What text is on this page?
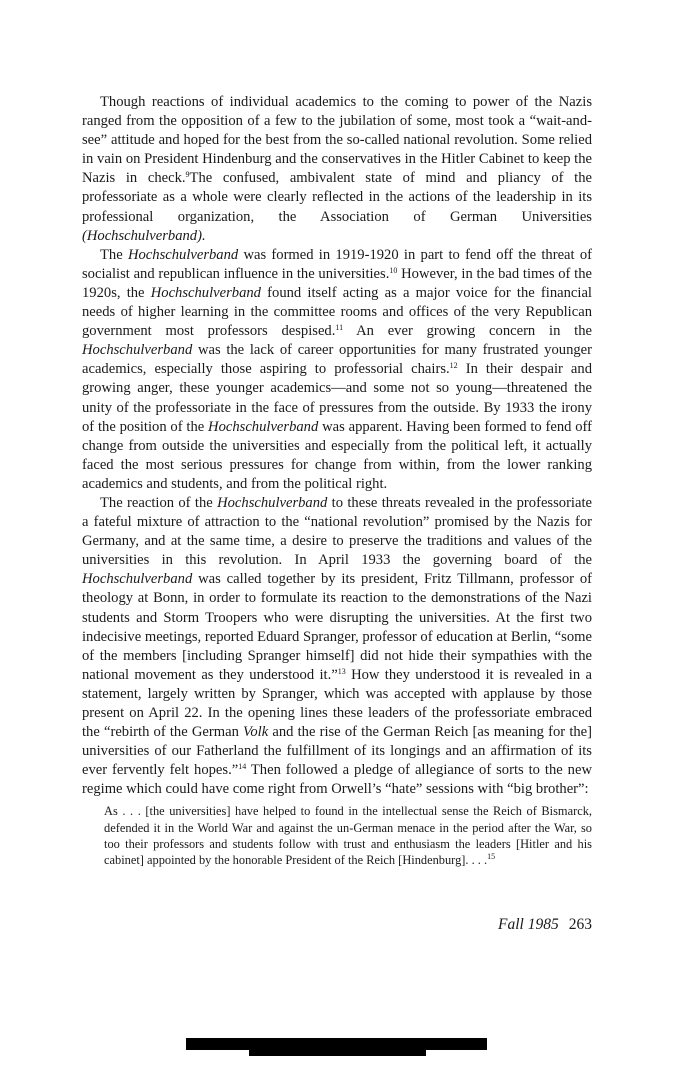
Though reactions of individual academics to the coming to power of the Nazis ranged from the opposition of a few to the jubilation of some, most took a “wait-and-see” attitude and hoped for the best from the so-called national revolution. Some relied in vain on President Hindenburg and the conservatives in the Hitler Cabinet to keep the Nazis in check.$^9$The confused, ambivalent state of mind and pliancy of the professoriate as a whole were clearly reflected in the actions of the leadership in its professional organization, the Association of German Universities (Hochschulverband).

The Hochschulverband was formed in 1919-1920 in part to fend off the threat of socialist and republican influence in the universities.$^{10}$ However, in the bad times of the 1920s, the Hochschulverband found itself acting as a major voice for the financial needs of higher learning in the committee rooms and offices of the very Republican government most professors despised.$^{11}$ An ever growing concern in the Hochschulverband was the lack of career opportunities for many frustrated younger academics, especially those aspiring to professorial chairs.$^{12}$ In their despair and growing anger, these younger academics—and some not so young—threatened the unity of the professoriate in the face of pressures from the outside. By 1933 the irony of the position of the Hochschulverband was apparent. Having been formed to fend off change from outside the universities and especially from the political left, it actually faced the most serious pressures for change from within, from the lower ranking academics and students, and from the political right.

The reaction of the Hochschulverband to these threats revealed in the professoriate a fateful mixture of attraction to the “national revolution” promised by the Nazis for Germany, and at the same time, a desire to preserve the traditions and values of the universities in this revolution. In April 1933 the governing board of the Hochschulverband was called together by its president, Fritz Tillmann, professor of theology at Bonn, in order to formulate its reaction to the demonstrations of the Nazi students and Storm Troopers who were disrupting the universities. At the first two indecisive meetings, reported Eduard Spranger, professor of education at Berlin, “some of the members [including Spranger himself] did not hide their sympathies with the national movement as they understood it.”$^{13}$ How they understood it is revealed in a statement, largely written by Spranger, which was accepted with applause by those present on April 22. In the opening lines these leaders of the professoriate embraced the “rebirth of the German Volk and the rise of the German Reich [as meaning for the] universities of our Fatherland the fulfillment of its longings and an affirmation of its ever fervently felt hopes.”$^{14}$ Then followed a pledge of allegiance of sorts to the new regime which could have come right from Orwell’s “hate” sessions with “big brother”:

As . . . [the universities] have helped to found in the intellectual sense the Reich of Bismarck, defended it in the World War and against the un-German menace in the period after the War, so too their professors and students follow with trust and enthusiasm the leaders [Hitler and his cabinet] appointed by the honorable President of the Reich [Hindenburg]. . . .$^{15}$
Fall 1985 263
